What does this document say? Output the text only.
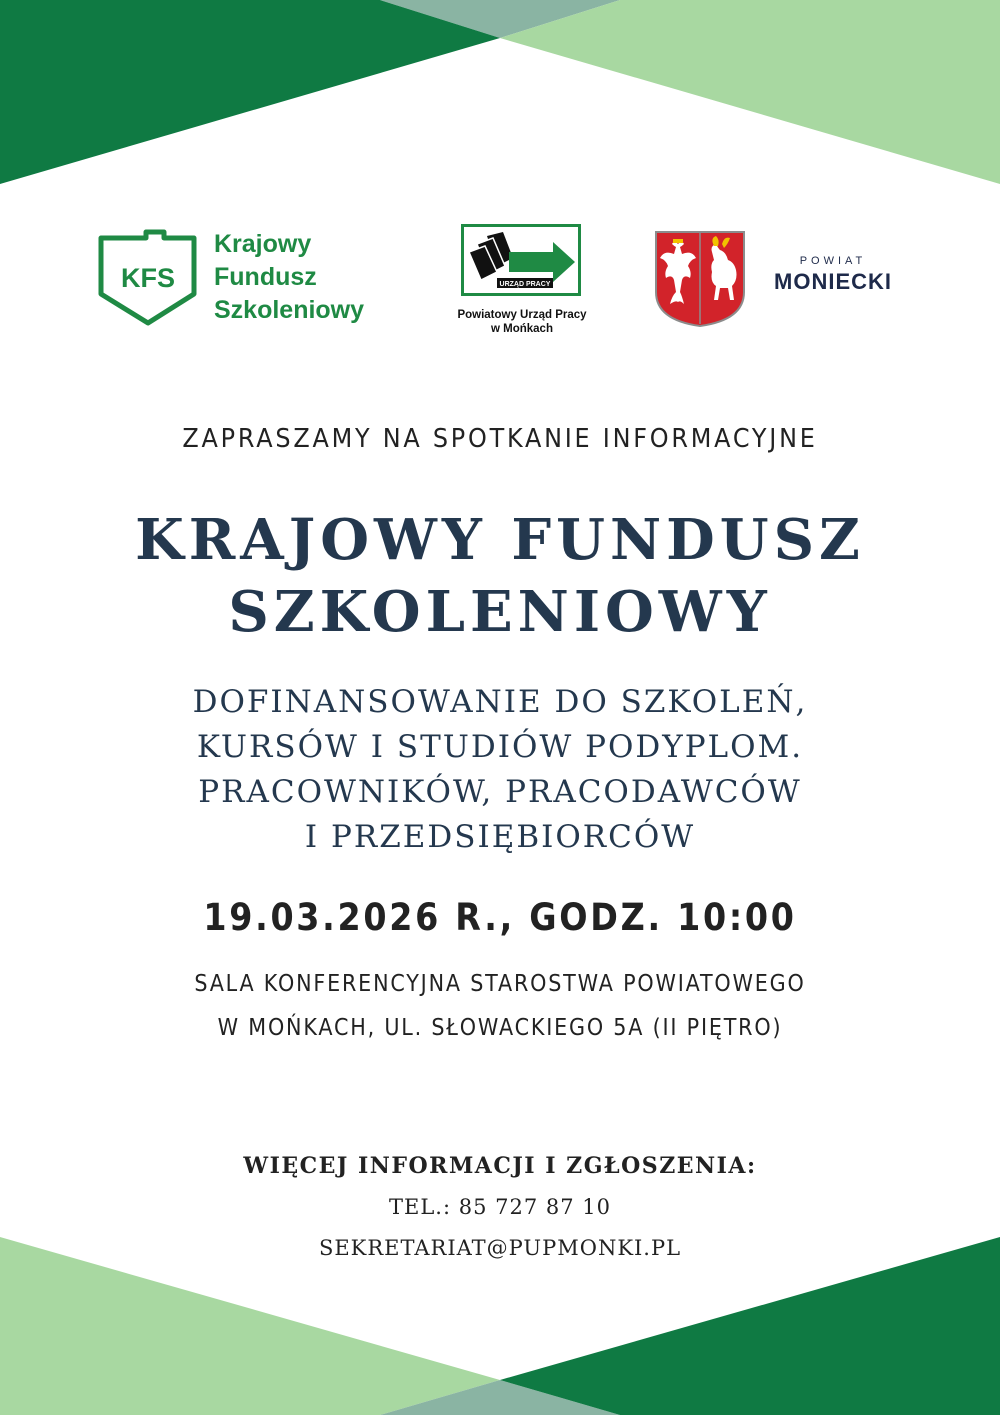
KFS
Krajowy
Fundusz
Szkoleniowy
URZĄD PRACY
Powiatowy Urząd Pracy
w Mońkach
POWIAT
MONIECKI
ZAPRASZAMY NA SPOTKANIE INFORMACYJNE
KRAJOWY FUNDUSZ
SZKOLENIOWY
DOFINANSOWANIE DO SZKOLEŃ,
KURSÓW I STUDIÓW PODYPLOM.
PRACOWNIKÓW, PRACODAWCÓW
I PRZEDSIĘBIORCÓW
19.03.2026 R., GODZ. 10:00
SALA KONFERENCYJNA STAROSTWA POWIATOWEGO
W MOŃKACH, UL. SŁOWACKIEGO 5A (II PIĘTRO)
WIĘCEJ INFORMACJI I ZGŁOSZENIA:
TEL.: 85 727 87 10
SEKRETARIAT@PUPMONKI.PL
